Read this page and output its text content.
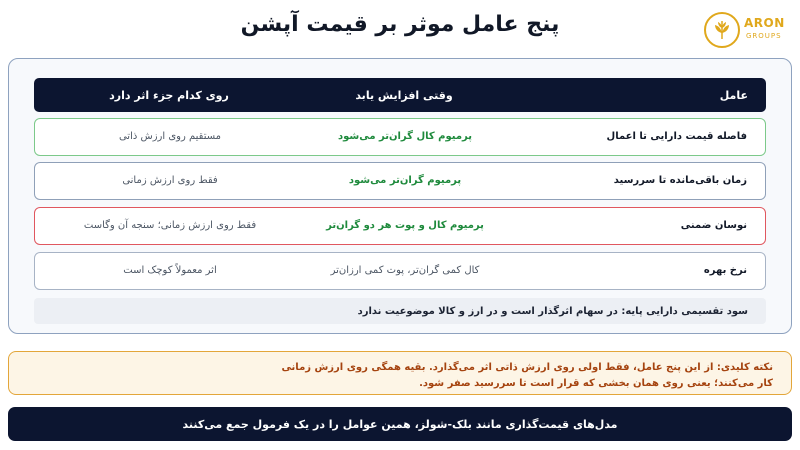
پنج عامل موثر بر قیمت آپشن	ARON
GROUPS
عامل
وقتی افزایش یابد
روی کدام جزء اثر دارد
فاصله قیمت دارایی تا اعمال
پرمیوم کال گران‌تر می‌شود
مستقیم روی ارزش ذاتی
زمان باقی‌مانده تا سررسید
پرمیوم گران‌تر می‌شود
فقط روی ارزش زمانی
نوسان ضمنی
پرمیوم کال و پوت هر دو گران‌تر
فقط روی ارزش زمانی؛ سنجه آن وگاست
نرخ بهره
کال کمی گران‌تر، پوت کمی ارزان‌تر
اثر معمولاً کوچک است
سود تقسیمی دارایی پایه: در سهام اثرگذار است و در ارز و کالا موضوعیت ندارد
نکته کلیدی: از این پنج عامل، فقط اولی روی ارزش ذاتی اثر می‌گذارد. بقیه همگی روی ارزش زمانی
کار می‌کنند؛ یعنی روی همان بخشی که قرار است تا سررسید صفر شود.
مدل‌های قیمت‌گذاری مانند بلک-شولز، همین عوامل را در یک فرمول جمع می‌کنند
